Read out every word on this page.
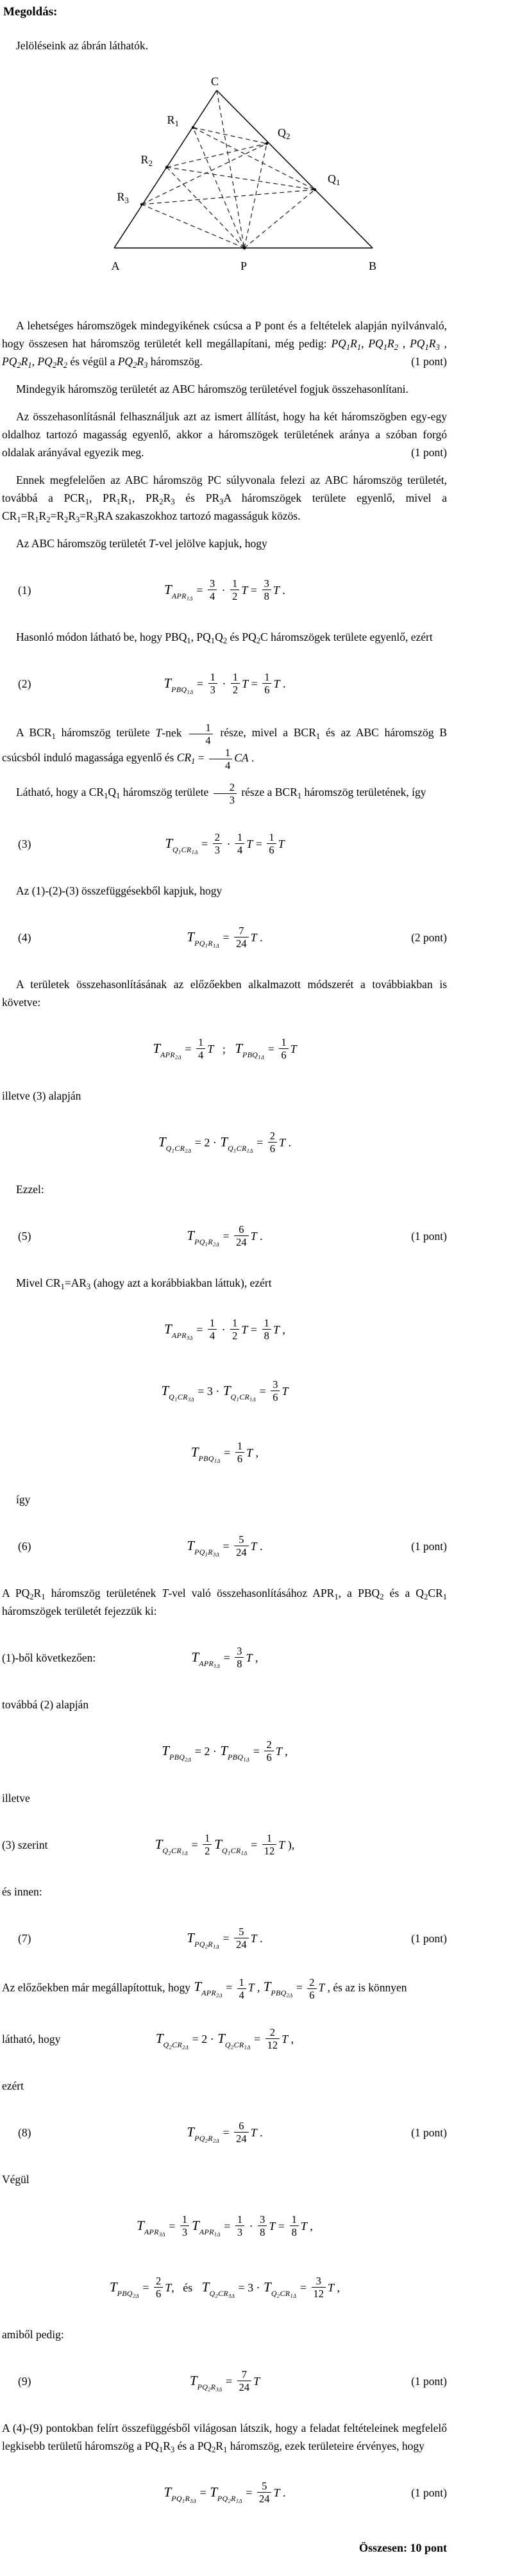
Megoldás:

Jelöléseink az ábrán láthatók.

C
A	P	B
$R_1$
$R_2$
$R_3$
$Q_2$
$Q_1$

A lehetséges háromszögek mindegyikének csúcsa a P pont és a feltételek alapján nyilvánvaló, hogy összesen hat háromszög területét kell megállapítani, még pedig: $PQ_1R_1$, $PQ_1R_2$ , $PQ_1R_3$ , $PQ_2R_1$, $PQ_2R_2$ és végül a $PQ_2R_3$ háromszög.	(1 pont)

Mindegyik háromszög területét az ABC háromszög területével fogjuk összehasonlítani.

Az összehasonlításnál felhasználjuk azt az ismert állítást, hogy ha két háromszögben egy-egy oldalhoz tartozó magasság egyenlő, akkor a háromszögek területének aránya a szóban forgó oldalak arányával egyezik meg.	(1 pont)

Ennek megfelelően az ABC háromszög PC súlyvonala felezi az ABC háromszög területét, továbbá a $PCR_1$, $PR_1R_1$, $PR_2R_3$ és $PR_3A$ háromszögek területe egyenlő, mivel a $CR_1=R_1R_2=R_2R_3=R_3RA$ szakaszokhoz tartozó magasságuk közös.

Az ABC háromszög területét T-vel jelölve kapjuk, hogy

(1)	T $APR_{1\Delta}$
= $\frac{3}{4} \cdot \frac{1}{2}$ $T = \frac{3}{8}$ T .

Hasonló módon látható be, hogy $PBQ_1$, $PQ_1Q_2$ és $PQ_2C$ háromszögek területe egyenlő, ezért

(2)	T $PBQ_{1\Delta}$
= $\frac{1}{3} \cdot \frac{1}{2}$ $T = \frac{1}{6}$ T .

A $BCR_1$ háromszög területe $T-nek \frac{1}{4}$ része, mivel a $BCR_1$ és az ABC háromszög B csúcsból induló magassága egyenlő és $CR_1 = \frac{1}{4}$ CA .

Látható, hogy a $CR_1Q_1$ háromszög területe $\frac{2}{3}$ része a $BCR_1$ háromszög területének, így

(3)	T $Q_1CR_{1\Delta}$
= $\frac{2}{3} \cdot \frac{1}{4}$ $T = \frac{1}{6}$ T

Az (1)-(2)-(3) összefüggésekből kapjuk, hogy

(4)	T $PQ_1R_{1\Delta}$
= $\frac{7}{24}$ T .	(2 pont)

A területek összehasonlításának az előzőekben alkalmazott módszerét a továbbiakban is követve:

T $APR_{2\Delta}$
= $\frac{1}{4}$ T ; T $PBQ_{1\Delta}$
= $\frac{1}{6}$ T

illetve (3) alapján

T $Q_1CR_{2\Delta}$
= 2 · T $Q_1CR_{1\Delta}$
= $\frac{2}{6}$ T .

Ezzel:

(5)	T $PQ_1R_{2\Delta}$
= $\frac{6}{24}$ T .	(1 pont)

Mivel $CR_1=AR_3$ (ahogy azt a korábbiakban láttuk), ezért

T $APR_{3\Delta}$
= $\frac{1}{4} \cdot \frac{1}{2}$ $T = \frac{1}{8}$ T ,
T $Q_1CR_{3\Delta}$
= 3 · T $Q_1CR_{1\Delta}$
= $\frac{3}{6}$ T
T $PBQ_{1\Delta}$
= $\frac{1}{6}$ T ,

így

(6)	T $PQ_1R_{3\Delta}$
= $\frac{5}{24}$ T .	(1 pont)

A $PQ_2R_1$ háromszög területének T-vel való összehasonlításához $APR_1$, a $PBQ_2$ és a $Q_2CR_1$ háromszögek területét fejezzük ki:

(1)-ből következően:	T $APR_{1\Delta}$
= $\frac{3}{8}$ T ,

továbbá (2) alapján

T $PBQ_{2\Delta}$
= 2 · T $PBQ_{1\Delta}$
= $\frac{2}{6}$ T ,

illetve

(3) szerint	T $Q_2CR_{1\Delta}$
= $\frac{1}{2}$ T $Q_1CR_{1\Delta}$
= $\frac{1}{12}$ T ),

és innen:

(7)	T $PQ_2R_{1\Delta}$
= $\frac{5}{24}$ T .	(1 pont)

Az előzőekben már megállapítottuk, hogy T $APR_{2\Delta}$
= $\frac{1}{4}$ T , T $PBQ_{2\Delta}$
= $\frac{2}{6}$ T , és az is könnyen

látható, hogy	T $Q_2CR_{2\Delta}$
= 2 · T $Q_2CR_{1\Delta}$
= $\frac{2}{12}$ T ,

ezért

(8)	T $PQ_2R_{2\Delta}$
= $\frac{6}{24}$ T .	(1 pont)

Végül

T $APR_{3\Delta}$
= $\frac{1}{3}$ T $APR_{1\Delta}$
= $\frac{1}{3} \cdot \frac{3}{8}$ $T = \frac{1}{8}$ T ,
T $PBQ_{2\Delta}$
= $\frac{2}{6}$ T ,   és T $Q_2CR_{3\Delta}$
= 3 · T $Q_2CR_{1\Delta}$
= $\frac{3}{12}$ T ,

amiből pedig:

(9)	T $PQ_2R_{3\Delta}$
= $\frac{7}{24}$ T	(1 pont)

A (4)-(9) pontokban felírt összefüggésből világosan látszik, hogy a feladat feltételeinek megfelelő legkisebb területű háromszög a $PQ_1R_3$ és a $PQ_2R_1$ háromszög, ezek területeire érvényes, hogy

T $PQ_1R_{3\Delta}$
= T $PQ_2R_{1\Delta}$
= $\frac{5}{24}$ T .	(1 pont)
Összesen: 10 pont
